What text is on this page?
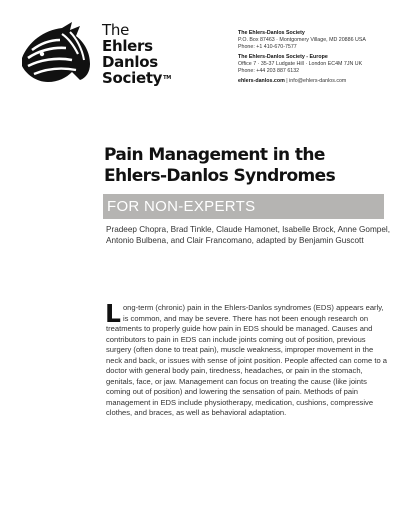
The
Ehlers
Danlos
Society™
The Ehlers-Danlos Society
P.O. Box 87463 · Montgomery Village, MD 20886 USA
Phone: +1 410-670-7577
The Ehlers-Danlos Society - Europe
Office 7 · 35-37 Ludgate Hill · London EC4M 7JN UK
Phone: +44 203 887 6132
ehlers-danlos.com | info@ehlers-danlos.com
Pain Management in the
Ehlers-Danlos Syndromes
FOR NON-EXPERTS
Pradeep Chopra, Brad Tinkle, Claude Hamonet, Isabelle Brock, Anne Gompel, Antonio Bulbena, and Clair Francomano, adapted by Benjamin Guscott
Long-term (chronic) pain in the Ehlers-Danlos syndromes (EDS) appears early, is common, and may be severe. There has not been enough research on treatments to properly guide how pain in EDS should be managed. Causes and contributors to pain in EDS can include joints coming out of position, previous surgery (often done to treat pain), muscle weakness, improper movement in the neck and back, or issues with sense of joint position. People affected can come to a doctor with general body pain, tiredness, headaches, or pain in the stomach, genitals, face, or jaw. Management can focus on treating the cause (like joints coming out of position) and lowering the sensation of pain. Methods of pain management in EDS include physiotherapy, medication, cushions, compressive clothes, and braces, as well as behavioral adaptation.
